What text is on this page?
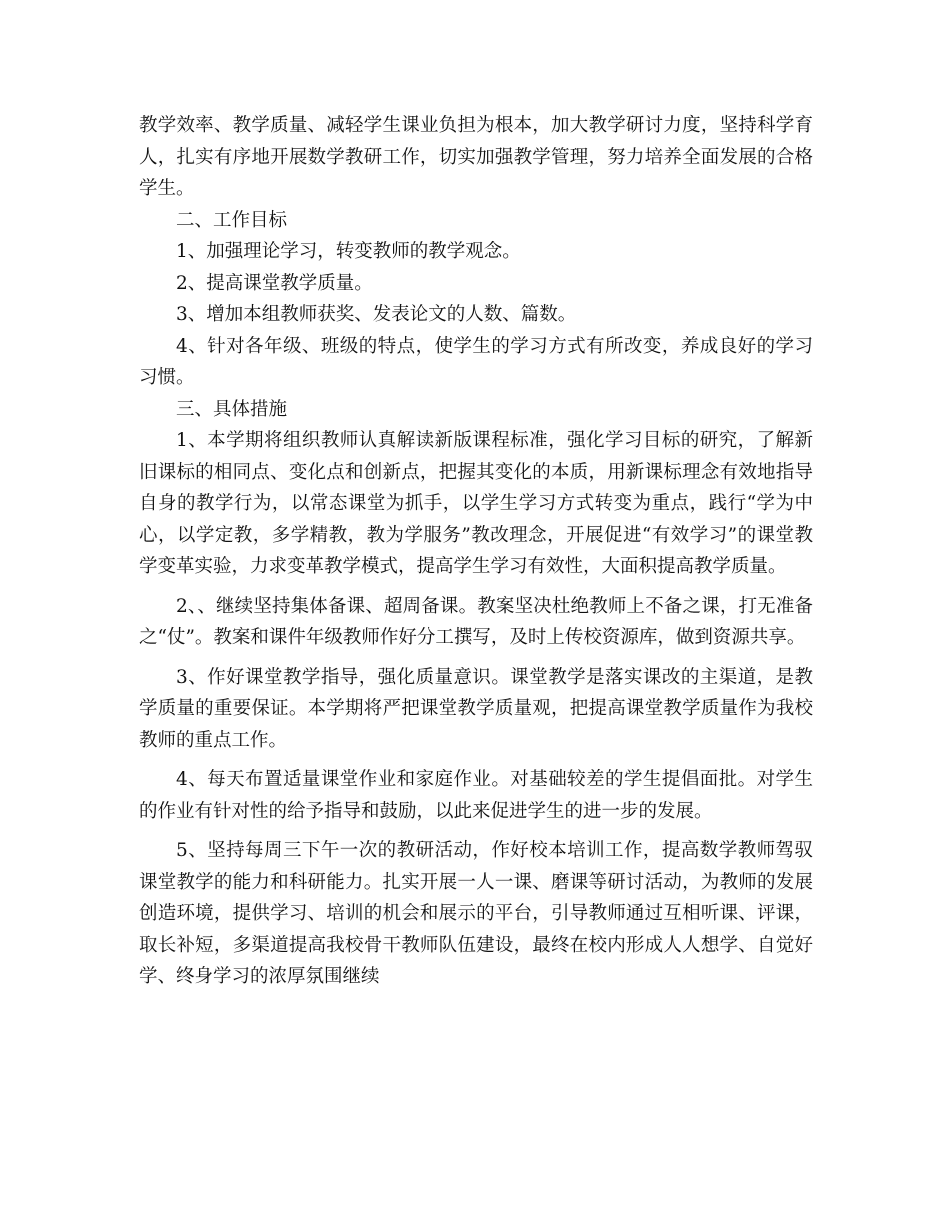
教学效率、教学质量、减轻学生课业负担为根本，加大教学研讨力度，坚持科学育人，扎实有序地开展数学教研工作，切实加强教学管理，努力培养全面发展的合格学生。

二、工作目标

1、加强理论学习，转变教师的教学观念。

2、提高课堂教学质量。

3、增加本组教师获奖、发表论文的人数、篇数。

4、针对各年级、班级的特点，使学生的学习方式有所改变，养成良好的学习习惯。

三、具体措施

1、本学期将组织教师认真解读新版课程标准，强化学习目标的研究，了解新旧课标的相同点、变化点和创新点，把握其变化的本质，用新课标理念有效地指导自身的教学行为，以常态课堂为抓手，以学生学习方式转变为重点，践行“学为中心，以学定教，多学精教，教为学服务”教改理念，开展促进“有效学习”的课堂教学变革实验，力求变革教学模式，提高学生学习有效性，大面积提高教学质量。

2、、继续坚持集体备课、超周备课。教案坚决杜绝教师上不备之课，打无准备之“仗”。教案和课件年级教师作好分工撰写，及时上传校资源库，做到资源共享。

3、作好课堂教学指导，强化质量意识。课堂教学是落实课改的主渠道，是教学质量的重要保证。本学期将严把课堂教学质量观，把提高课堂教学质量作为我校教师的重点工作。

4、每天布置适量课堂作业和家庭作业。对基础较差的学生提倡面批。对学生的作业有针对性的给予指导和鼓励，以此来促进学生的进一步的发展。

5、坚持每周三下午一次的教研活动，作好校本培训工作，提高数学教师驾驭课堂教学的能力和科研能力。扎实开展一人一课、磨课等研讨活动，为教师的发展创造环境，提供学习、培训的机会和展示的平台，引导教师通过互相听课、评课，取长补短，多渠道提高我校骨干教师队伍建设，最终在校内形成人人想学、自觉好学、终身学习的浓厚氛围继续
